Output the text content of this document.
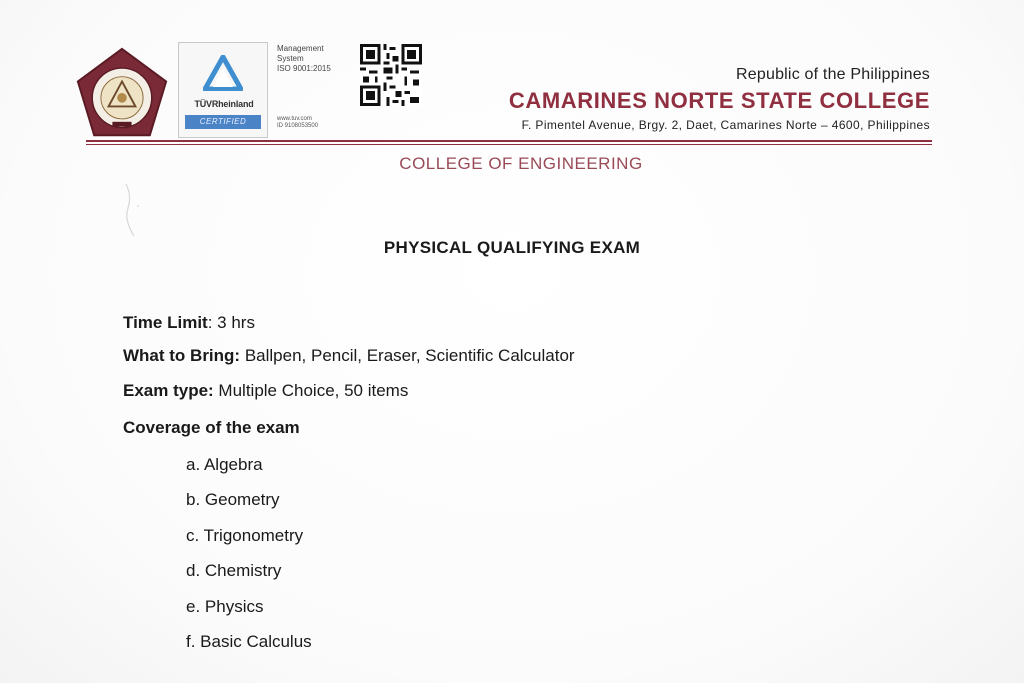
TÜVRheinland
CERTIFIED
Management
System
ISO 9001:2015
www.tuv.com
ID 9108053500
Republic of the Philippines
CAMARINES NORTE STATE COLLEGE
F. Pimentel Avenue, Brgy. 2, Daet, Camarines Norte – 4600, Philippines
COLLEGE OF ENGINEERING
PHYSICAL QUALIFYING EXAM
Time Limit: 3 hrs
What to Bring: Ballpen, Pencil, Eraser, Scientific Calculator
Exam type: Multiple Choice, 50 items
Coverage of the exam
a. Algebra
b. Geometry
c. Trigonometry
d. Chemistry
e. Physics
f. Basic Calculus
